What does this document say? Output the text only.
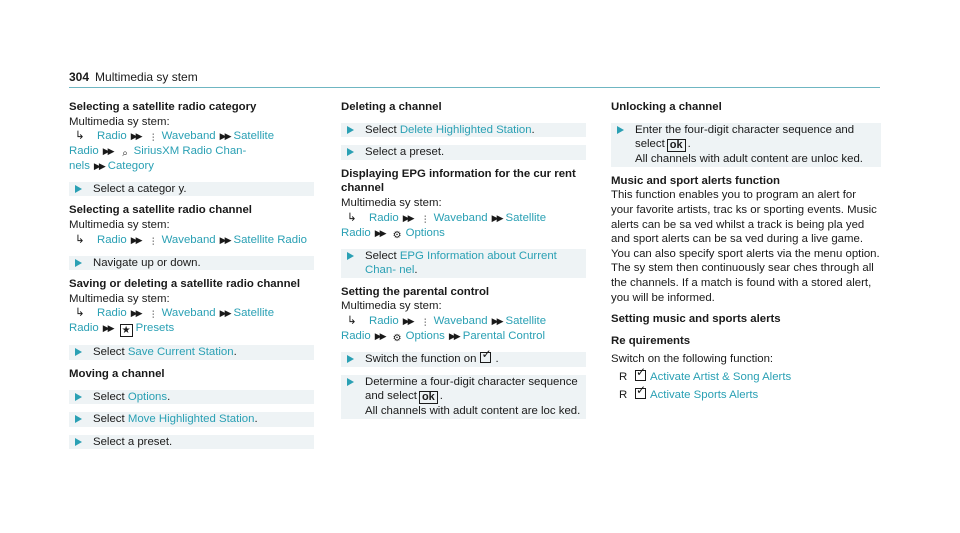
304 Multimedia sy stem
Selecting a satellite radio category
Multimedia sy stem:
↳ Radio ▶▶ ⫶ Waveband ▶▶ Satellite Radio ▶▶ ⌕ SiriusXM Radio Chan- nels ▶▶ Category
Select a categor y.
Selecting a satellite radio channel
Multimedia sy stem:
↳ Radio ▶▶ ⫶ Waveband ▶▶ Satellite Radio
Navigate up or down.
Saving or deleting a satellite radio channel
Multimedia sy stem:
↳ Radio ▶▶ ⫶ Waveband ▶▶ Satellite Radio ▶▶ ★ Presets
Select Save Current Station.
Moving a channel
Select Options.
Select Move Highlighted Station.
Select a preset.
Deleting a channel
Select Delete Highlighted Station.
Select a preset.
Displaying EPG information for the cur rent channel
Multimedia sy stem:
↳ Radio ▶▶ ⫶ Waveband ▶▶ Satellite Radio ▶▶ ⚙ Options
Select EPG Information about Current Chan- nel.
Setting the parental control
Multimedia sy stem:
↳ Radio ▶▶ ⫶ Waveband ▶▶ Satellite Radio ▶▶ ⚙ Options ▶▶ Parental Control
Switch the function on ✓ .
Determine a four-digit character sequence and select ok .
All channels with adult content are loc ked.
Unlocking a channel
Enter the four-digit character sequence and select ok .
All channels with adult content are unloc ked.
Music and sport alerts function
This function enables you to program an alert for your favorite artists, trac ks or sporting events. Music alerts can be sa ved whilst a track is being pla yed and sport alerts can be sa ved during a live game. You can also specify sport alerts via the menu option. The sy stem then continuously sear ches through all the channels. If a match is found with a stored alert, you will be informed.
Setting music and sports alerts
Re quirements
Switch on the following function:
R ✓ Activate Artist & Song Alerts
R ✓ Activate Sports Alerts
